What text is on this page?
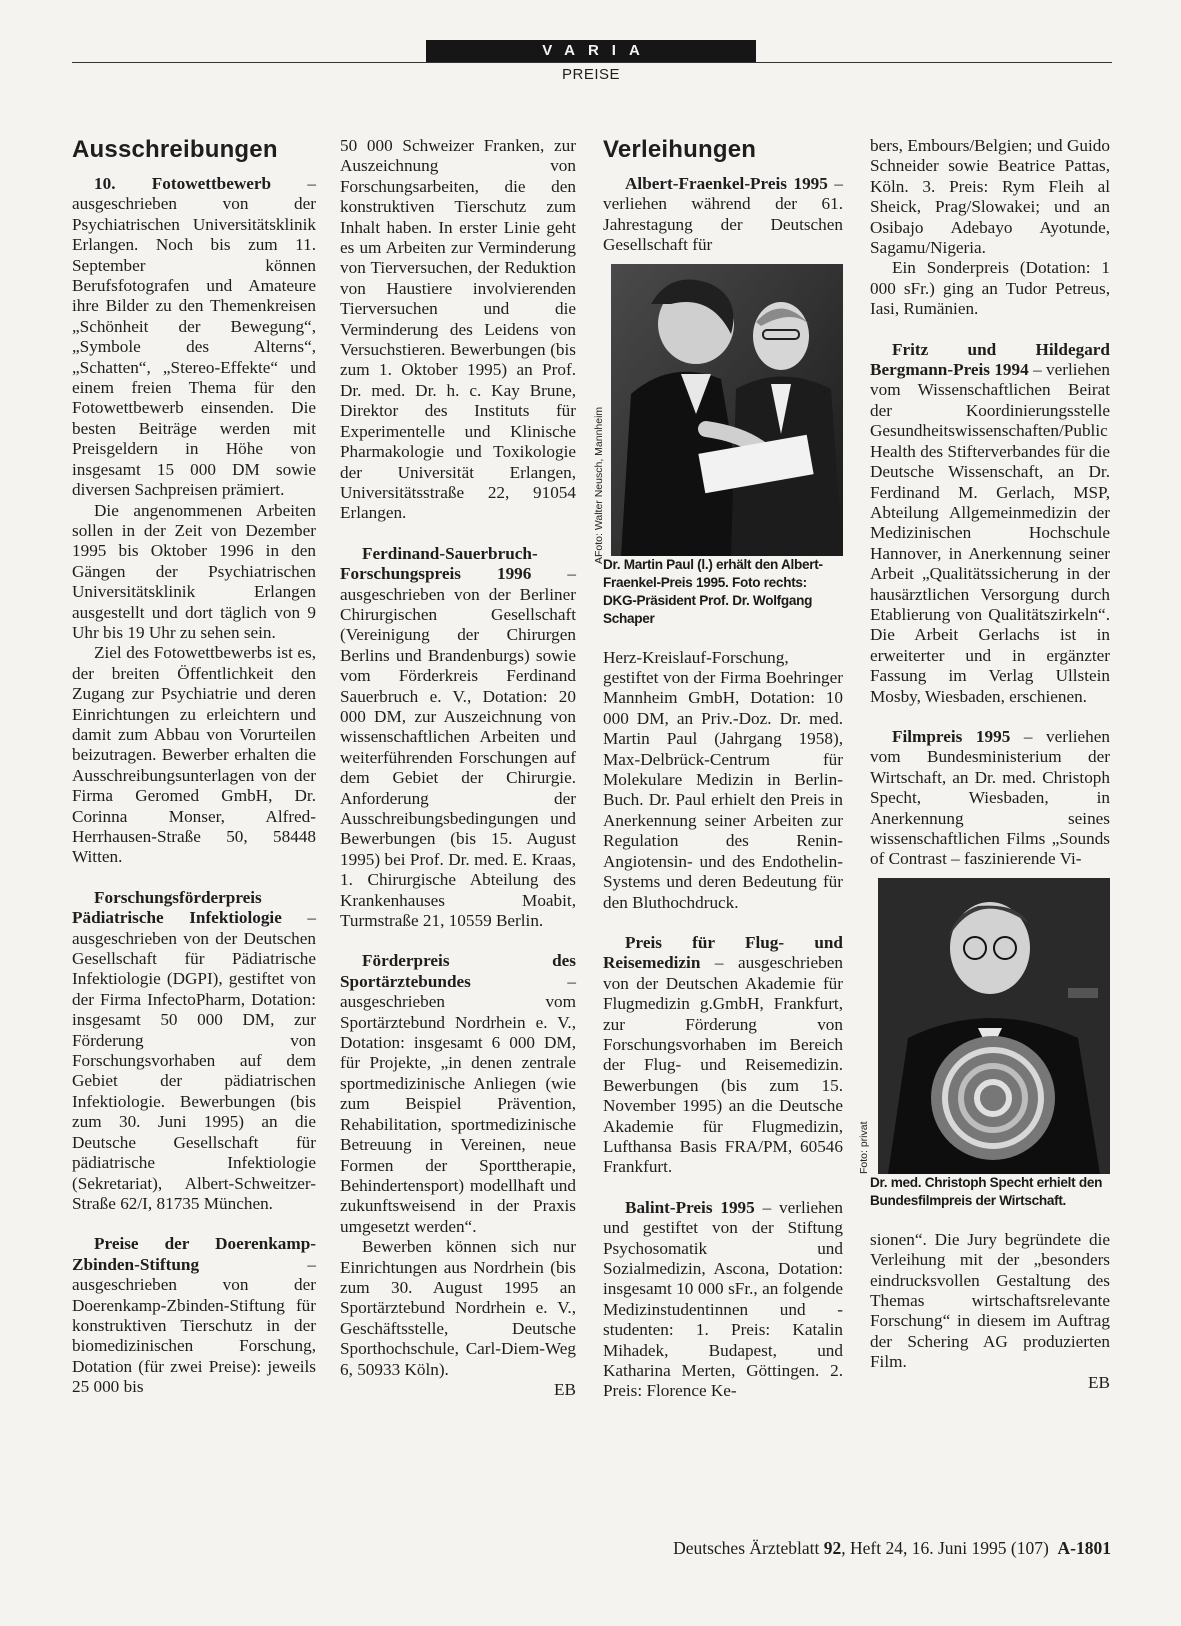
VARIA
PREISE
Ausschreibungen

10. Fotowettbewerb – ausgeschrieben von der Psychiatrischen Universitätsklinik Erlangen. Noch bis zum 11. September können Berufsfotografen und Amateure ihre Bilder zu den Themenkreisen „Schönheit der Bewegung“, „Symbole des Alterns“, „Schatten“, „Stereo-Effekte“ und einem freien Thema für den Fotowettbewerb einsenden. Die besten Beiträge werden mit Preisgeldern in Höhe von insgesamt 15 000 DM sowie diversen Sachpreisen prämiert.

Die angenommenen Arbeiten sollen in der Zeit von Dezember 1995 bis Oktober 1996 in den Gängen der Psychiatrischen Universitätsklinik Erlangen ausgestellt und dort täglich von 9 Uhr bis 19 Uhr zu sehen sein.

Ziel des Fotowettbewerbs ist es, der breiten Öffentlichkeit den Zugang zur Psychiatrie und deren Einrichtungen zu erleichtern und damit zum Abbau von Vorurteilen beizutragen. Bewerber erhalten die Ausschreibungsunterlagen von der Firma Geromed GmbH, Dr. Corinna Monser, Alfred-Herrhausen-Straße 50, 58448 Witten.

Forschungsförderpreis Pädiatrische Infektiologie – ausgeschrieben von der Deutschen Gesellschaft für Pädiatrische Infektiologie (DGPI), gestiftet von der Firma InfectoPharm, Dotation: insgesamt 50 000 DM, zur Förderung von Forschungsvorhaben auf dem Gebiet der pädiatrischen Infektiologie. Bewerbungen (bis zum 30. Juni 1995) an die Deutsche Gesellschaft für pädiatrische Infektiologie (Sekretariat), Albert-Schweitzer-Straße 62/I, 81735 München.

Preise der Doerenkamp-Zbinden-Stiftung – ausgeschrieben von der Doerenkamp-Zbinden-Stiftung für konstruktiven Tierschutz in der biomedizinischen Forschung, Dotation (für zwei Preise): jeweils 25 000 bis

50 000 Schweizer Franken, zur Auszeichnung von Forschungsarbeiten, die den konstruktiven Tierschutz zum Inhalt haben. In erster Linie geht es um Arbeiten zur Verminderung von Tierversuchen, der Reduktion von Haustiere involvierenden Tierversuchen und die Verminderung des Leidens von Versuchstieren. Bewerbungen (bis zum 1. Oktober 1995) an Prof. Dr. med. Dr. h. c. Kay Brune, Direktor des Instituts für Experimentelle und Klinische Pharmakologie und Toxikologie der Universität Erlangen, Universitätsstraße 22, 91054 Erlangen.

Ferdinand-Sauerbruch-Forschungspreis 1996 – ausgeschrieben von der Berliner Chirurgischen Gesellschaft (Vereinigung der Chirurgen Berlins und Brandenburgs) sowie vom Förderkreis Ferdinand Sauerbruch e. V., Dotation: 20 000 DM, zur Auszeichnung von wissenschaftlichen Arbeiten und weiterführenden Forschungen auf dem Gebiet der Chirurgie. Anforderung der Ausschreibungsbedingungen und Bewerbungen (bis 15. August 1995) bei Prof. Dr. med. E. Kraas, 1. Chirurgische Abteilung des Krankenhauses Moabit, Turmstraße 21, 10559 Berlin.

Förderpreis des Sportärztebundes – ausgeschrieben vom Sportärztebund Nordrhein e. V., Dotation: insgesamt 6 000 DM, für Projekte, „in denen zentrale sportmedizinische Anliegen (wie zum Beispiel Prävention, Rehabilitation, sportmedizinische Betreuung in Vereinen, neue Formen der Sporttherapie, Behindertensport) modellhaft und zukunftsweisend in der Praxis umgesetzt werden“.

Bewerben können sich nur Einrichtungen aus Nordrhein (bis zum 30. August 1995 an Sportärztebund Nordrhein e. V., Geschäftsstelle, Deutsche Sporthochschule, Carl-Diem-Weg 6, 50933 Köln).
EB

Verleihungen

Albert-Fraenkel-Preis 1995 – verliehen während der 61. Jahrestagung der Deutschen Gesellschaft für

AFoto: Walter Neusch, Mannheim

Dr. Martin Paul (l.) erhält den Albert-Fraenkel-Preis 1995. Foto rechts: DKG-Präsident Prof. Dr. Wolfgang Schaper

Herz-Kreislauf-Forschung, gestiftet von der Firma Boehringer Mannheim GmbH, Dotation: 10 000 DM, an Priv.-Doz. Dr. med. Martin Paul (Jahrgang 1958), Max-Delbrück-Centrum für Molekulare Medizin in Berlin-Buch. Dr. Paul erhielt den Preis in Anerkennung seiner Arbeiten zur Regulation des Renin-Angiotensin- und des Endothelin-Systems und deren Bedeutung für den Bluthochdruck.

Preis für Flug- und Reisemedizin – ausgeschrieben von der Deutschen Akademie für Flugmedizin g.GmbH, Frankfurt, zur Förderung von Forschungsvorhaben im Bereich der Flug- und Reisemedizin. Bewerbungen (bis zum 15. November 1995) an die Deutsche Akademie für Flugmedizin, Lufthansa Basis FRA/PM, 60546 Frankfurt.

Balint-Preis 1995 – verliehen und gestiftet von der Stiftung Psychosomatik und Sozialmedizin, Ascona, Dotation: insgesamt 10 000 sFr., an folgende Medizinstudentinnen und -studenten: 1. Preis: Katalin Mihadek, Budapest, und Katharina Merten, Göttingen. 2. Preis: Florence Ke-

bers, Embours/Belgien; und Guido Schneider sowie Beatrice Pattas, Köln. 3. Preis: Rym Fleih al Sheick, Prag/Slowakei; und an Osibajo Adebayo Ayotunde, Sagamu/Nigeria.

Ein Sonderpreis (Dotation: 1 000 sFr.) ging an Tudor Petreus, Iasi, Rumänien.

Fritz und Hildegard Bergmann-Preis 1994 – verliehen vom Wissenschaftlichen Beirat der Koordinierungsstelle Gesundheitswissenschaften/Public Health des Stifterverbandes für die Deutsche Wissenschaft, an Dr. Ferdinand M. Gerlach, MSP, Abteilung Allgemeinmedizin der Medizinischen Hochschule Hannover, in Anerkennung seiner Arbeit „Qualitätssicherung in der hausärztlichen Versorgung durch Etablierung von Qualitätszirkeln“. Die Arbeit Gerlachs ist in erweiterter und in ergänzter Fassung im Verlag Ullstein Mosby, Wiesbaden, erschienen.

Filmpreis 1995 – verliehen vom Bundesministerium der Wirtschaft, an Dr. med. Christoph Specht, Wiesbaden, in Anerkennung seines wissenschaftlichen Films „Sounds of Contrast – faszinierende Vi-

Foto: privat

Dr. med. Christoph Specht erhielt den Bundesfilmpreis der Wirtschaft.

sionen“. Die Jury begründete die Verleihung mit der „besonders eindrucksvollen Gestaltung des Themas wirtschaftsrelevante Forschung“ in diesem im Auftrag der Schering AG produzierten Film.
EB

Deutsches Ärzteblatt 92, Heft 24, 16. Juni 1995 (107) A-1801
